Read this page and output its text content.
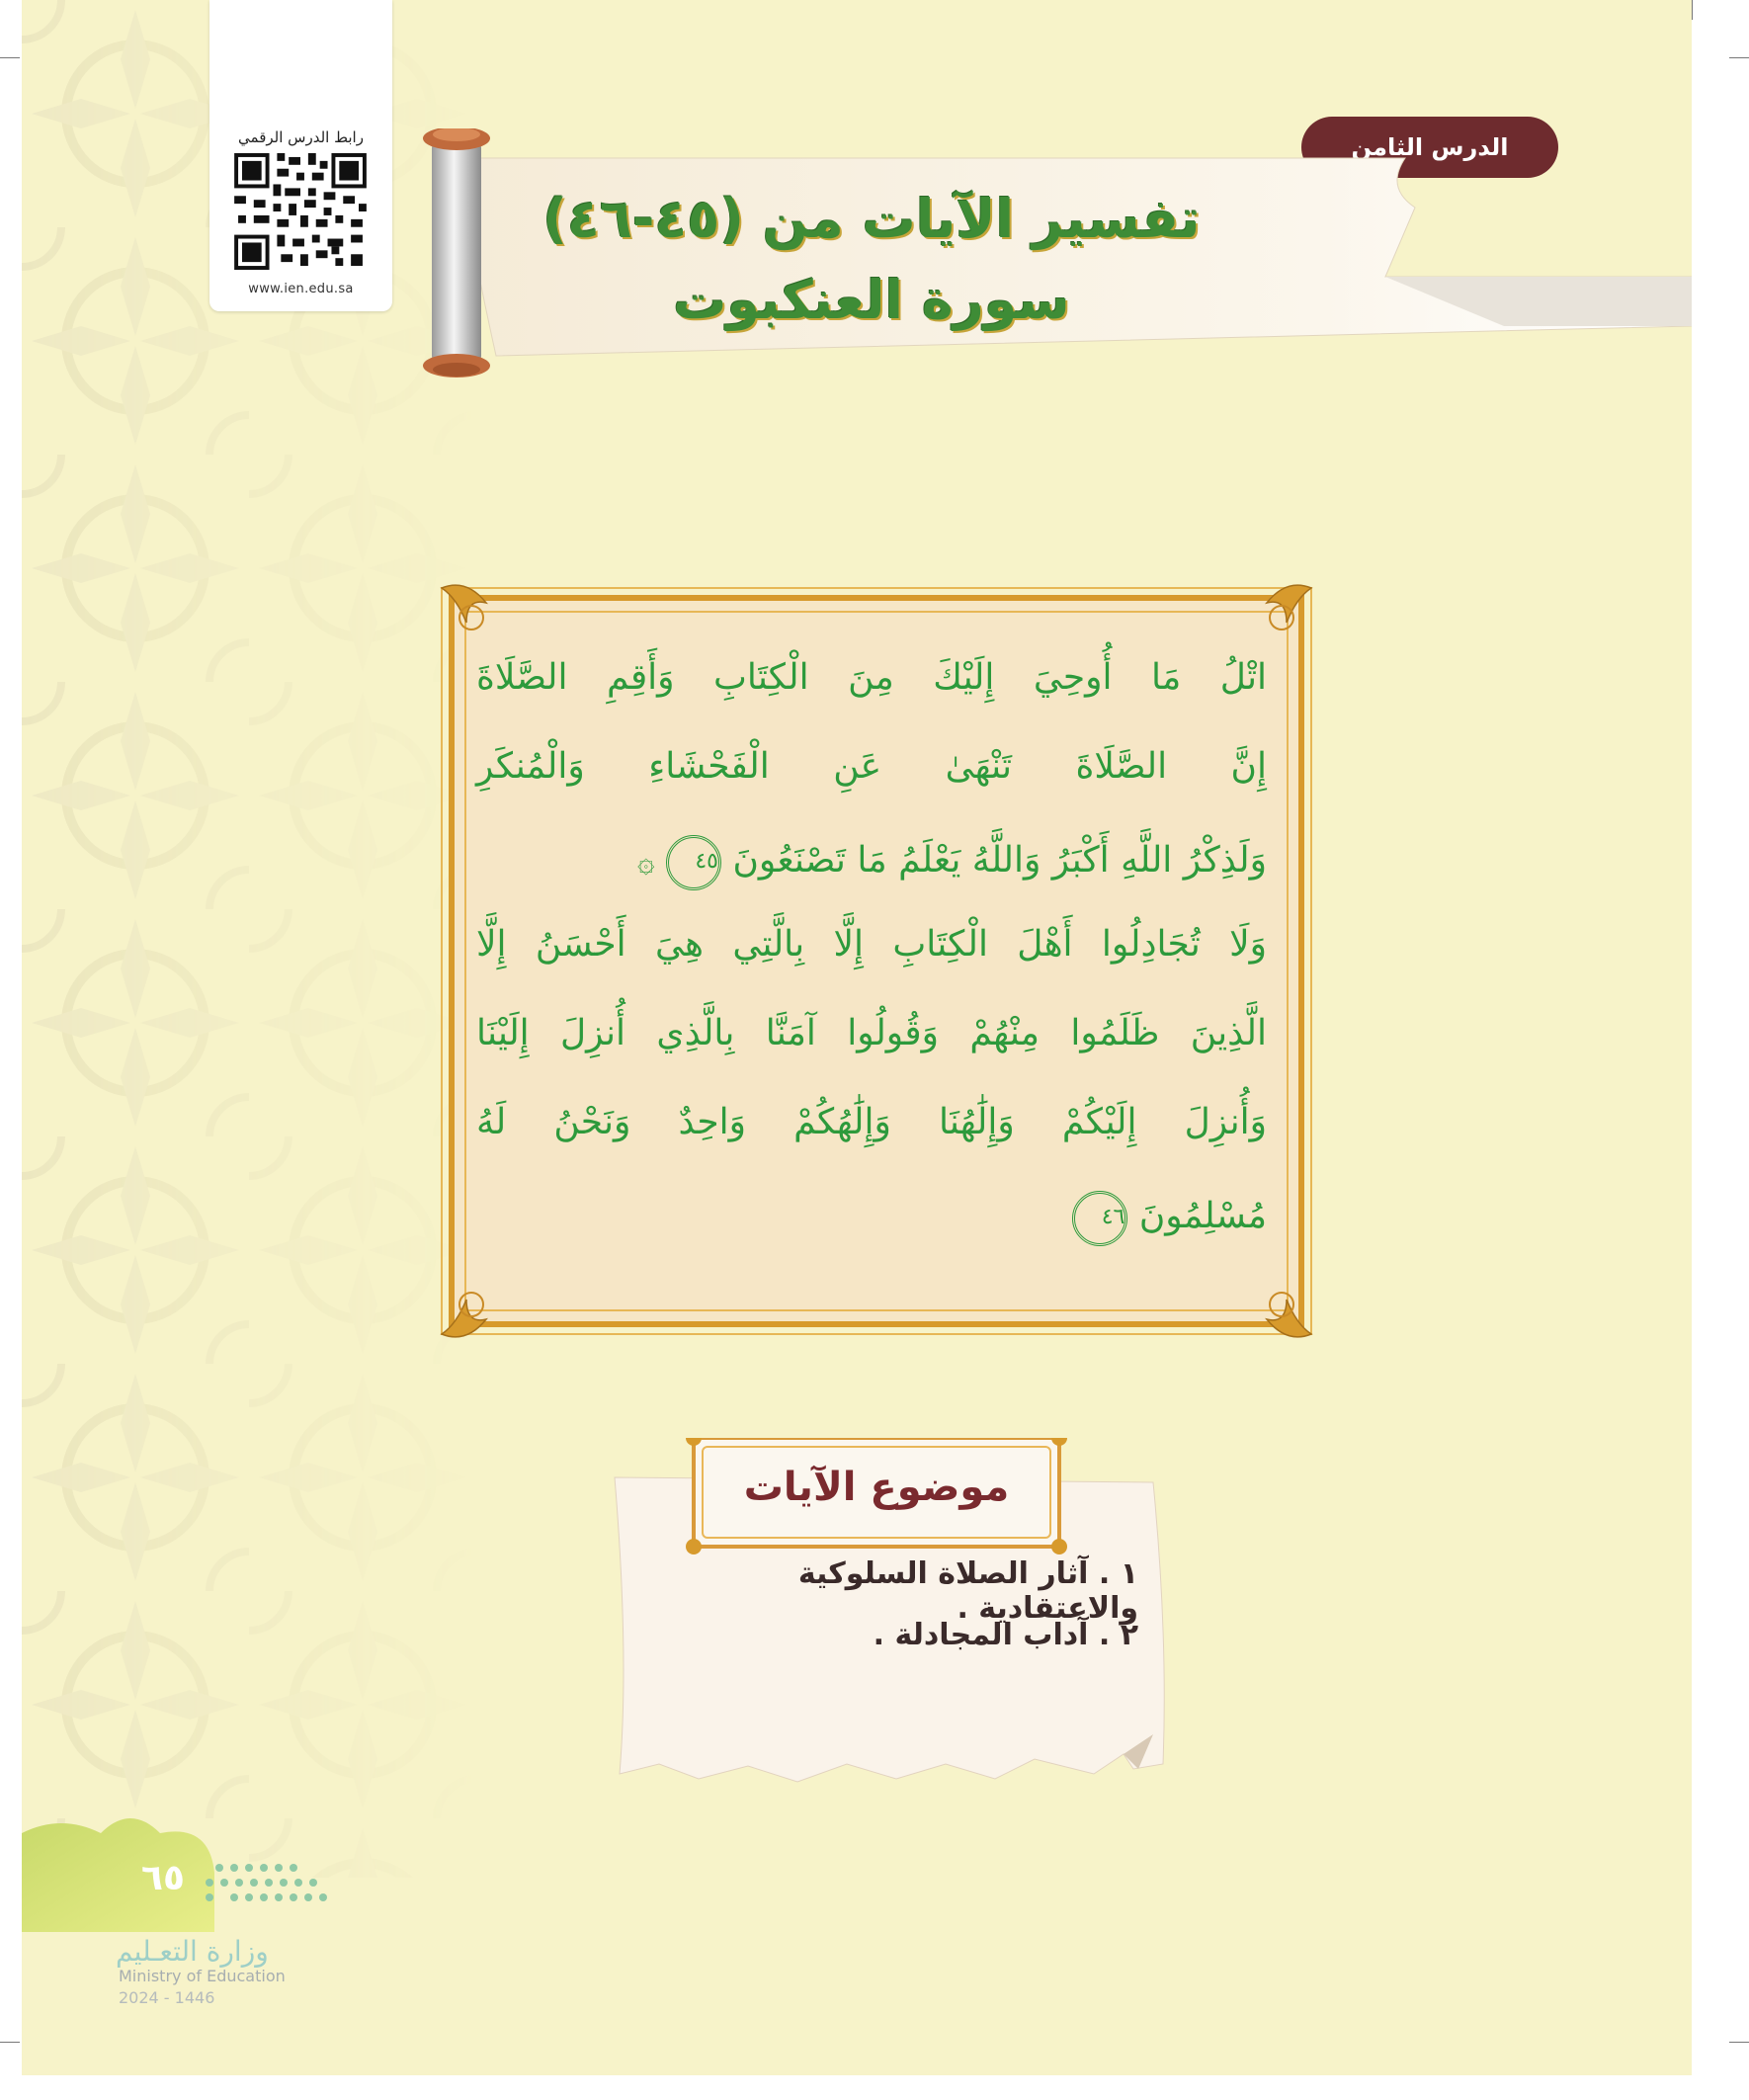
رابط الدرس الرقمي
www.ien.edu.sa
الدرس الثامن
تفسير الآيات من (٤٥-٤٦)
سورة العنكبوت
اتْلُ مَا أُوحِيَ إِلَيْكَ مِنَ الْكِتَابِ وَأَقِمِ الصَّلَاةَ
إِنَّ الصَّلَاةَ تَنْهَىٰ عَنِ الْفَحْشَاءِ وَالْمُنكَرِ
وَلَذِكْرُ اللَّهِ أَكْبَرُ وَاللَّهُ يَعْلَمُ مَا تَصْنَعُونَ ٤٥ ۞
وَلَا تُجَادِلُوا أَهْلَ الْكِتَابِ إِلَّا بِالَّتِي هِيَ أَحْسَنُ إِلَّا
الَّذِينَ ظَلَمُوا مِنْهُمْ وَقُولُوا آمَنَّا بِالَّذِي أُنزِلَ إِلَيْنَا
وَأُنزِلَ إِلَيْكُمْ وَإِلَٰهُنَا وَإِلَٰهُكُمْ وَاحِدٌ وَنَحْنُ لَهُ
مُسْلِمُونَ ٤٦
موضوع الآيات
١ . آثار الصلاة السلوكية والاعتقادية .
٢ . آداب المجادلة .
٦٥
وزارة التعـليم
Ministry of Education
2024 - 1446
